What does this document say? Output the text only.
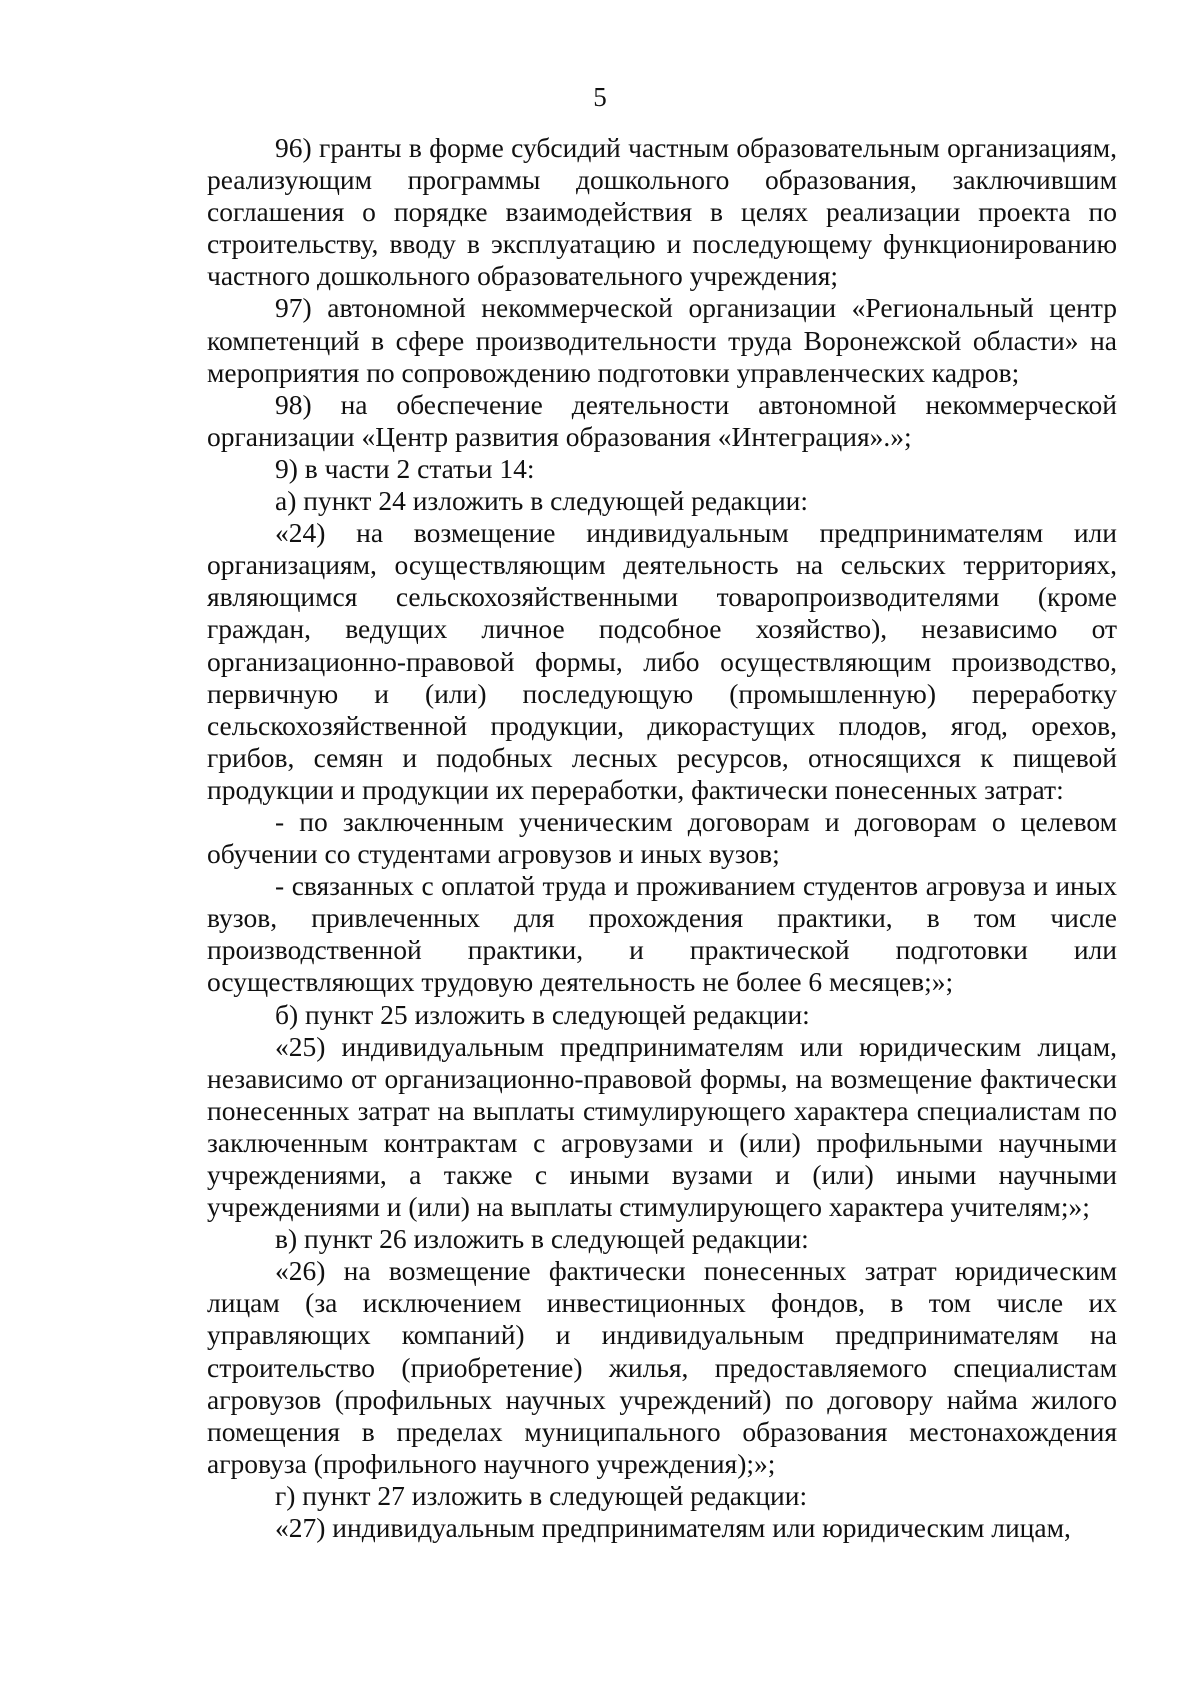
5

96) гранты в форме субсидий частным образовательным организациям, реализующим программы дошкольного образования, заключившим соглашения о порядке взаимодействия в целях реализации проекта по строительству, вводу в эксплуатацию и последующему функционированию частного дошкольного образовательного учреждения;

97) автономной некоммерческой организации «Региональный центр компетенций в сфере производительности труда Воронежской области» на мероприятия по сопровождению подготовки управленческих кадров;

98) на обеспечение деятельности автономной некоммерческой организации «Центр развития образования «Интеграция».»;

9) в части 2 статьи 14:

а) пункт 24 изложить в следующей редакции:

«24) на возмещение индивидуальным предпринимателям или организациям, осуществляющим деятельность на сельских территориях, являющимся сельскохозяйственными товаропроизводителями (кроме граждан, ведущих личное подсобное хозяйство), независимо от организационно-правовой формы, либо осуществляющим производство, первичную и (или) последующую (промышленную) переработку сельскохозяйственной продукции, дикорастущих плодов, ягод, орехов, грибов, семян и подобных лесных ресурсов, относящихся к пищевой продукции и продукции их переработки, фактически понесенных затрат:

- по заключенным ученическим договорам и договорам о целевом обучении со студентами агровузов и иных вузов;

- связанных с оплатой труда и проживанием студентов агровуза и иных вузов, привлеченных для прохождения практики, в том числе производственной практики, и практической подготовки или осуществляющих трудовую деятельность не более 6 месяцев;»;

б) пункт 25 изложить в следующей редакции:

«25) индивидуальным предпринимателям или юридическим лицам, независимо от организационно-правовой формы, на возмещение фактически понесенных затрат на выплаты стимулирующего характера специалистам по заключенным контрактам с агровузами и (или) профильными научными учреждениями, а также с иными вузами и (или) иными научными учреждениями и (или) на выплаты стимулирующего характера учителям;»;

в) пункт 26 изложить в следующей редакции:

«26) на возмещение фактически понесенных затрат юридическим лицам (за исключением инвестиционных фондов, в том числе их управляющих компаний) и индивидуальным предпринимателям на строительство (приобретение) жилья, предоставляемого специалистам агровузов (профильных научных учреждений) по договору найма жилого помещения в пределах муниципального образования местонахождения агровуза (профильного научного учреждения);»;

г) пункт 27 изложить в следующей редакции:

«27) индивидуальным предпринимателям или юридическим лицам,
